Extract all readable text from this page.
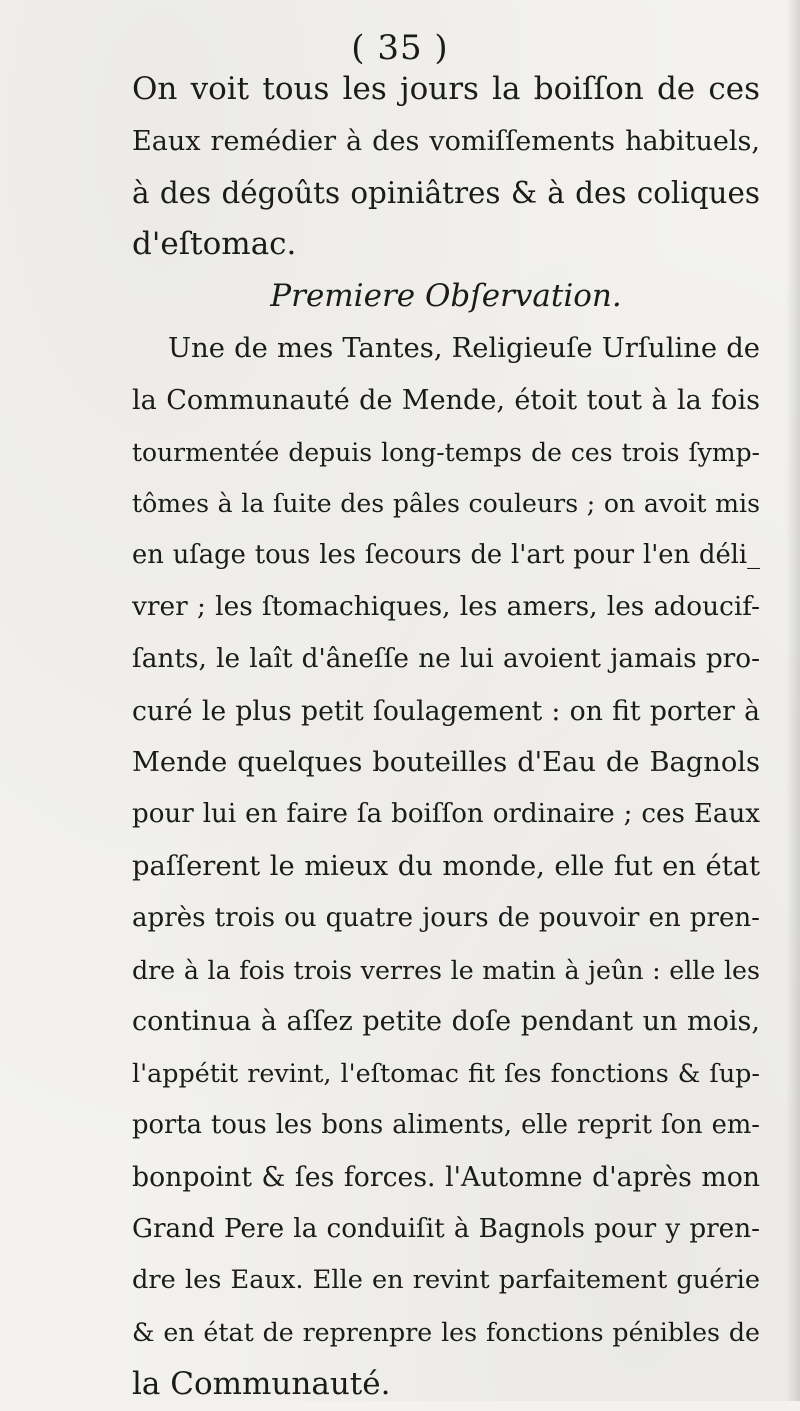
( 35 )
On voit tous les jours la boiſſon de ces
Eaux remédier à des vomiſſements habituels,
à des dégoûts opiniâtres & à des coliques
d'eſtomac.
Premiere Obſervation.
Une de mes Tantes, Religieuſe Urſuline de
la Communauté de Mende, étoit tout à la fois
tourmentée depuis long-temps de ces trois ſymp-
tômes à la ſuite des pâles couleurs ; on avoit mis
en uſage tous les ſecours de l'art pour l'en déli_
vrer ; les ſtomachiques, les amers, les adoucif-
ſants, le laît d'âneſſe ne lui avoient jamais pro-
curé le plus petit ſoulagement : on fit porter à
Mende quelques bouteilles d'Eau de Bagnols
pour lui en faire ſa boiſſon ordinaire ; ces Eaux
paſſerent le mieux du monde, elle fut en état
après trois ou quatre jours de pouvoir en pren-
dre à la fois trois verres le matin à jeûn : elle les
continua à aſſez petite doſe pendant un mois,
l'appétit revint, l'eſtomac fit ſes fonctions & ſup-
porta tous les bons aliments, elle reprit ſon em-
bonpoint & ſes forces. l'Automne d'après mon
Grand Pere la conduiſit à Bagnols pour y pren-
dre les Eaux. Elle en revint parfaitement guérie
& en état de reprenpre les fonctions pénibles de
la Communauté.
